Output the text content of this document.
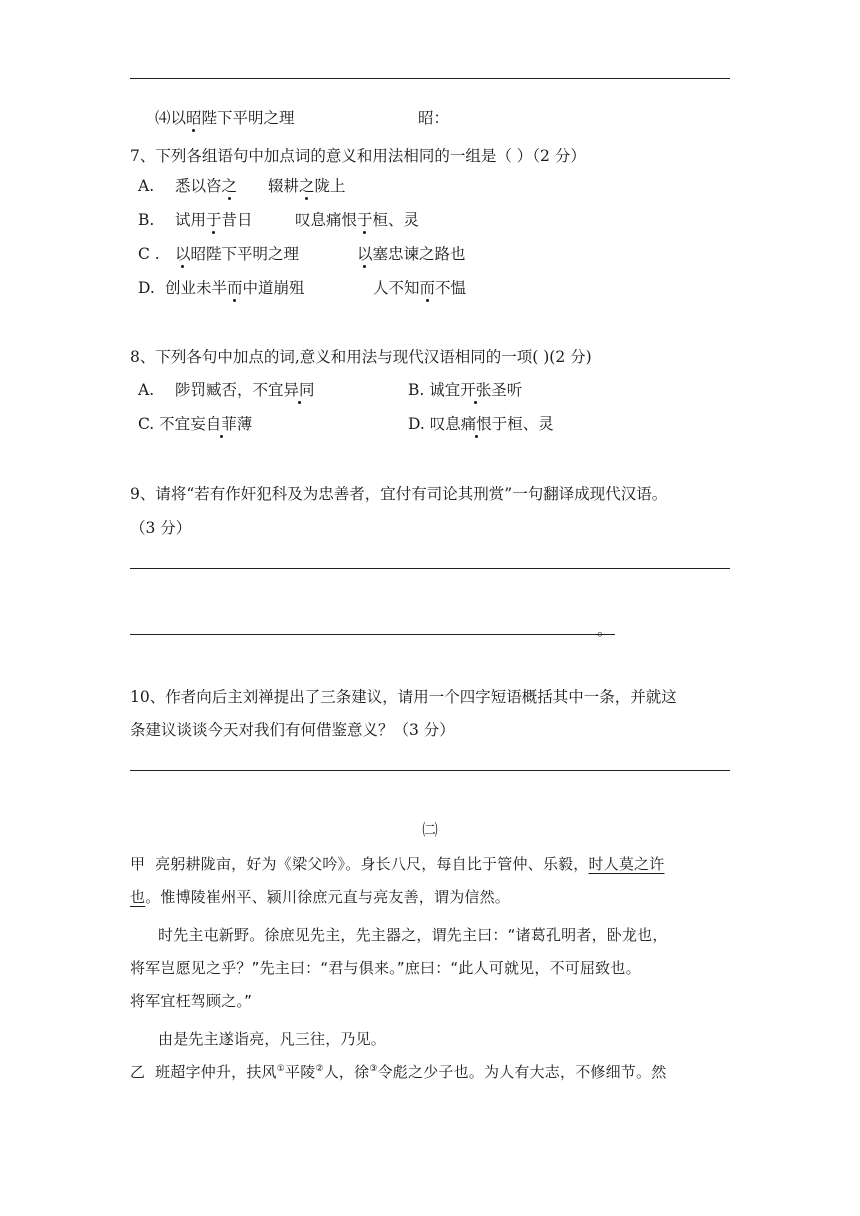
⑷以昭陛下平明之理	昭：
7、下列各组语句中加点词的意义和用法相同的一组是（ ）（2 分）
A. 悉以咨之 辍耕之陇上
B. 试用于昔日	叹息痛恨于桓、灵
C . 以昭陛下平明之理	以塞忠谏之路也
D. 创业未半而中道崩殂	人不知而不愠
8、下列各句中加点的词,意义和用法与现代汉语相同的一项( )(2 分)
A. 陟罚臧否，不宜异同	B. 诚宜开张圣听
C. 不宜妄自菲薄	D. 叹息痛恨于桓、灵
9、请将“若有作奸犯科及为忠善者，宜付有司论其刑赏”一句翻译成现代汉语。
（3 分）
。
10、作者向后主刘禅提出了三条建议，请用一个四字短语概括其中一条，并就这
条建议谈谈今天对我们有何借鉴意义？（3 分）
㈡
甲 亮躬耕陇亩，好为《梁父吟》。身长八尺，每自比于管仲、乐毅，时人莫之许
也。惟博陵崔州平、颍川徐庶元直与亮友善，谓为信然。
时先主屯新野。徐庶见先主，先主器之，谓先主曰：“诸葛孔明者，卧龙也，
将军岂愿见之乎？”先主曰：“君与俱来。”庶曰：“此人可就见，不可屈致也。
将军宜枉驾顾之。”
由是先主遂诣亮，凡三往，乃见。
乙 班超字仲升，扶风①平陵②人，徐③令彪之少子也。为人有大志，不修细节。然
